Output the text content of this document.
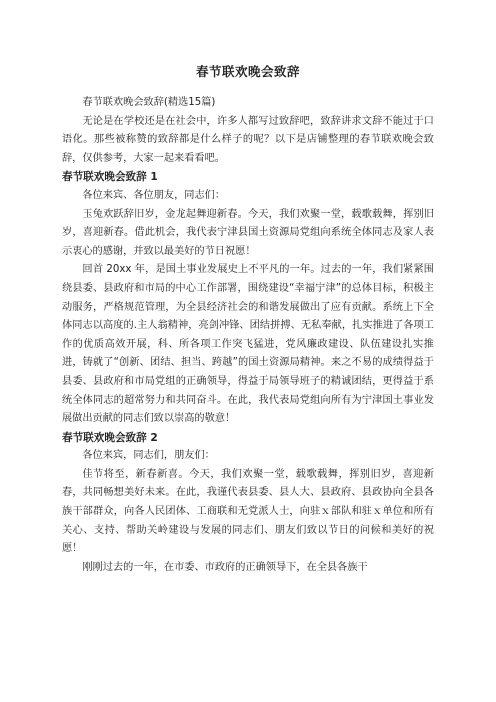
春节联欢晚会致辞

春节联欢晚会致辞(精选15篇)

无论是在学校还是在社会中，许多人都写过致辞吧，致辞讲求文辞不能过于口语化。那些被称赞的致辞都是什么样子的呢？以下是店铺整理的春节联欢晚会致辞，仅供参考，大家一起来看看吧。

春节联欢晚会致辞 1

各位来宾、各位朋友，同志们：

玉兔欢跃辞旧岁，金龙起舞迎新春。今天，我们欢聚一堂，载歌载舞，挥别旧岁，喜迎新春。借此机会，我代表宁津县国土资源局党组向系统全体同志及家人表示衷心的感谢，并致以最美好的节日祝愿！

回首 20xx 年，是国土事业发展史上不平凡的一年。过去的一年，我们紧紧围绕县委、县政府和市局的中心工作部署，围绕建设“幸福宁津”的总体目标，积极主动服务，严格规范管理，为全县经济社会的和谐发展做出了应有贡献。系统上下全体同志以高度的.主人翁精神，亮剑冲锋、团结拼搏、无私奉献，扎实推进了各项工作的优质高效开展，科、所各项工作突飞猛进，党风廉政建设、队伍建设扎实推进，铸就了“创新、团结、担当、跨越”的国土资源局精神。来之不易的成绩得益于县委、县政府和市局党组的正确领导，得益于局领导班子的精诚团结，更得益于系统全体同志的超常努力和共同奋斗。在此，我代表局党组向所有为宁津国土事业发展做出贡献的同志们致以崇高的敬意！

春节联欢晚会致辞 2

各位来宾，同志们，朋友们：

佳节将至，新春新喜。今天，我们欢聚一堂，载歌载舞，挥别旧岁，喜迎新春，共同畅想美好未来。在此，我谨代表县委、县人大、县政府、县政协向全县各族干部群众，向各人民团体、工商联和无党派人士，向驻ｘ部队和驻ｘ单位和所有关心、支持、帮助关岭建设与发展的同志们、朋友们致以节日的问候和美好的祝愿！

刚刚过去的一年，在市委、市政府的正确领导下，在全县各族干
